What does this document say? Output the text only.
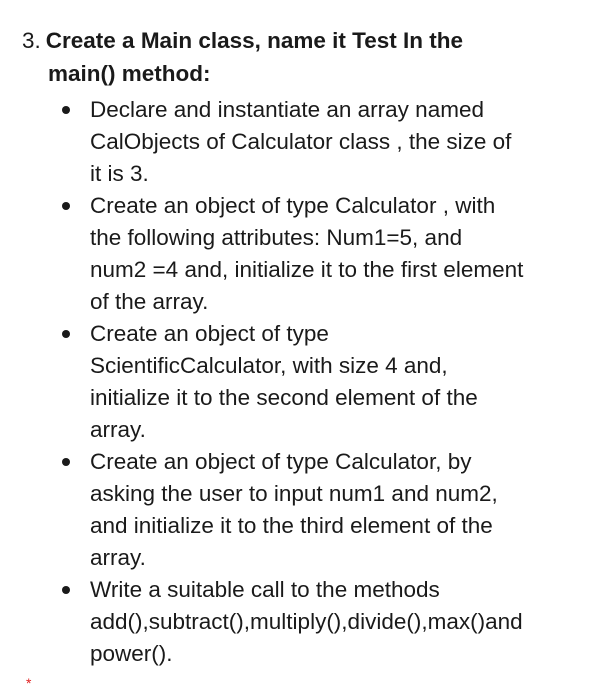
3. Create a Main class, name it Test In the
main() method:
Declare and instantiate an array named
CalObjects of Calculator class , the size of
it is 3.
Create an object of type Calculator , with
the following attributes: Num1=5, and
num2 =4 and, initialize it to the first element
of the array.
Create an object of type
ScientificCalculator, with size 4 and,
initialize it to the second element of the
array.
Create an object of type Calculator, by
asking the user to input num1 and num2,
and initialize it to the third element of the
array.
Write a suitable call to the methods
add(),subtract(),multiply(),divide(),max()and
power().
*
